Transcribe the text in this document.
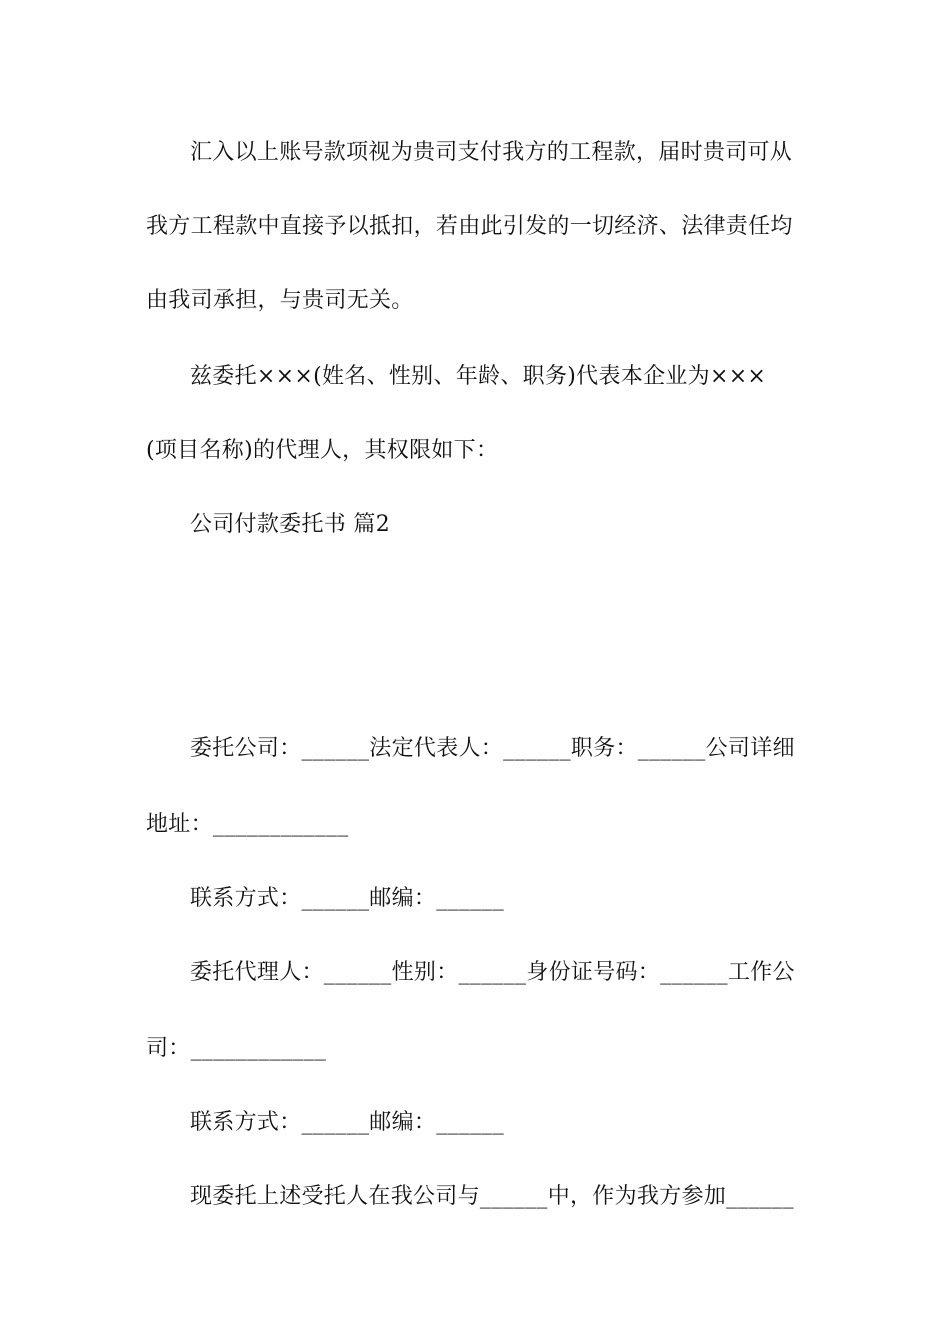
汇入以上账号款项视为贵司支付我方的工程款，届时贵司可从
我方工程款中直接予以抵扣，若由此引发的一切经济、法律责任均
由我司承担，与贵司无关。
兹委托×××(姓名、性别、年龄、职务)代表本企业为×××
(项目名称)的代理人，其权限如下：
公司付款委托书 篇2
委托公司：______法定代表人：______职务：______公司详细
地址：____________
联系方式：______邮编：______
委托代理人：______性别：______身份证号码：______工作公
司：____________
联系方式：______邮编：______
现委托上述受托人在我公司与______中，作为我方参加______
